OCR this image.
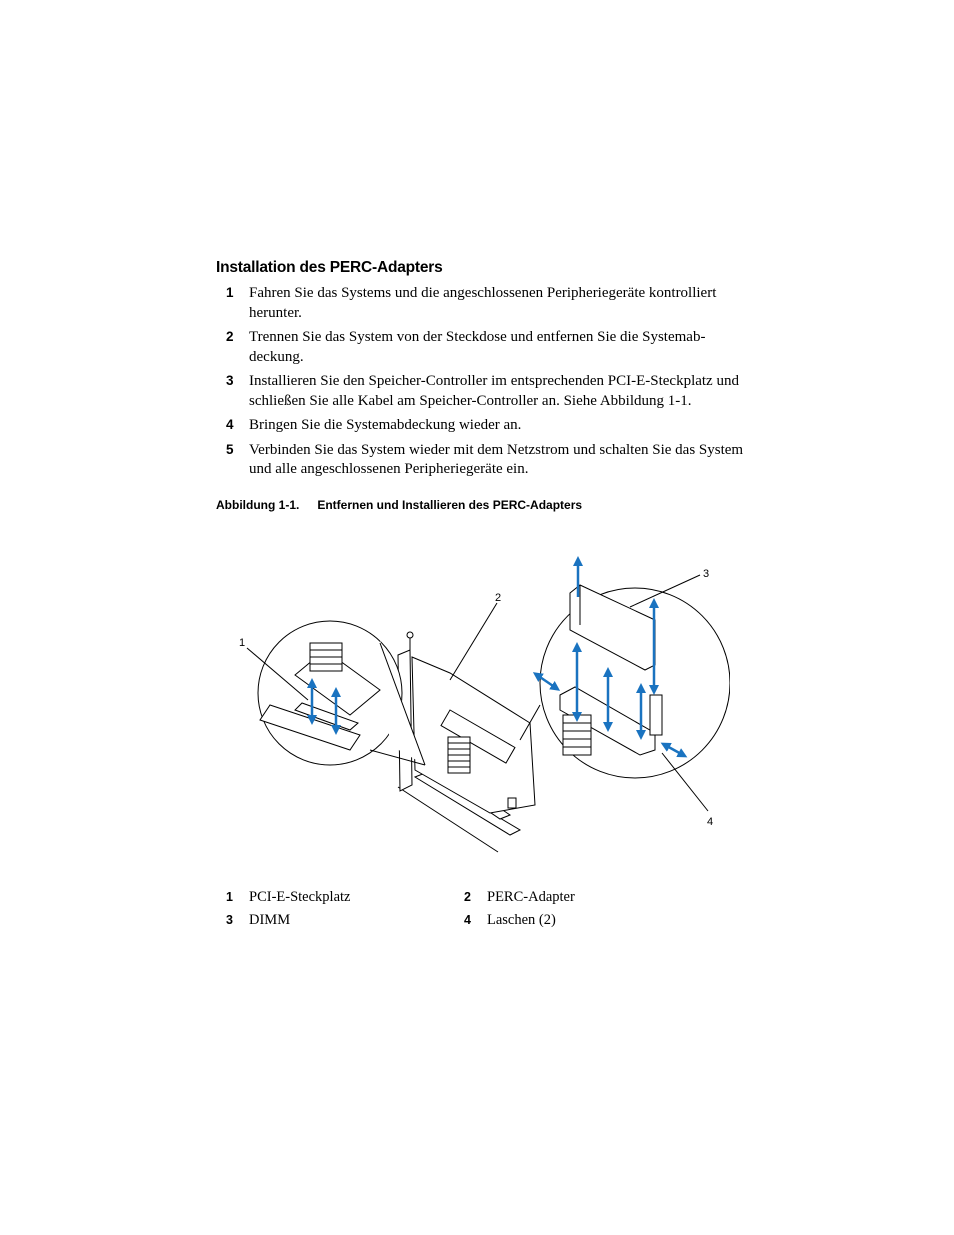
Installation des PERC-Adapters
1 Fahren Sie das Systems und die angeschlossenen Peripheriegeräte kontrolliert herunter.
2 Trennen Sie das System von der Steckdose und entfernen Sie die Systemab-deckung.
3 Installieren Sie den Speicher-Controller im entsprechenden PCI-E-Steckplatz und schließen Sie alle Kabel am Speicher-Controller an. Siehe Abbildung 1-1.
4 Bringen Sie die Systemabdeckung wieder an.
5 Verbinden Sie das System wieder mit dem Netzstrom und schalten Sie das System und alle angeschlossenen Peripheriegeräte ein.
Abbildung 1-1. Entfernen und Installieren des PERC-Adapters
1
2
3
4
1 PCI-E-Steckplatz	2 PERC-Adapter
3 DIMM	4 Laschen (2)
